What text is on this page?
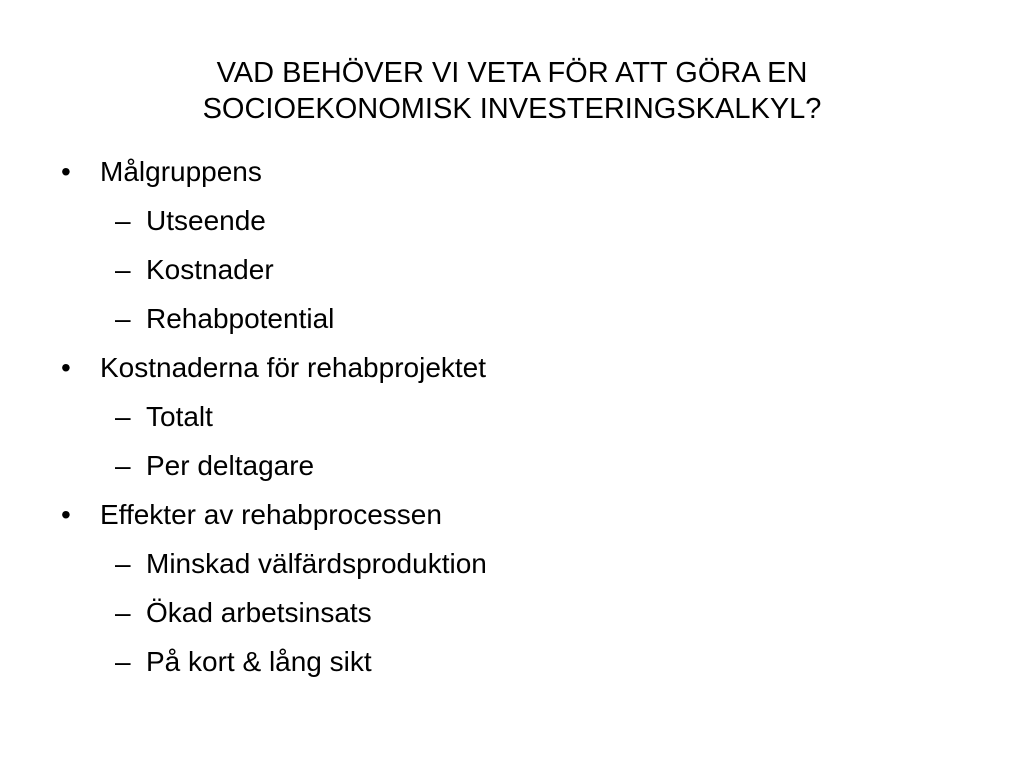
VAD BEHÖVER VI VETA FÖR ATT GÖRA EN
SOCIOEKONOMISK INVESTERINGSKALKYL?
• Målgruppens
– Utseende
– Kostnader
– Rehabpotential
• Kostnaderna för rehabprojektet
– Totalt
– Per deltagare
• Effekter av rehabprocessen
– Minskad välfärdsproduktion
– Ökad arbetsinsats
– På kort & lång sikt
